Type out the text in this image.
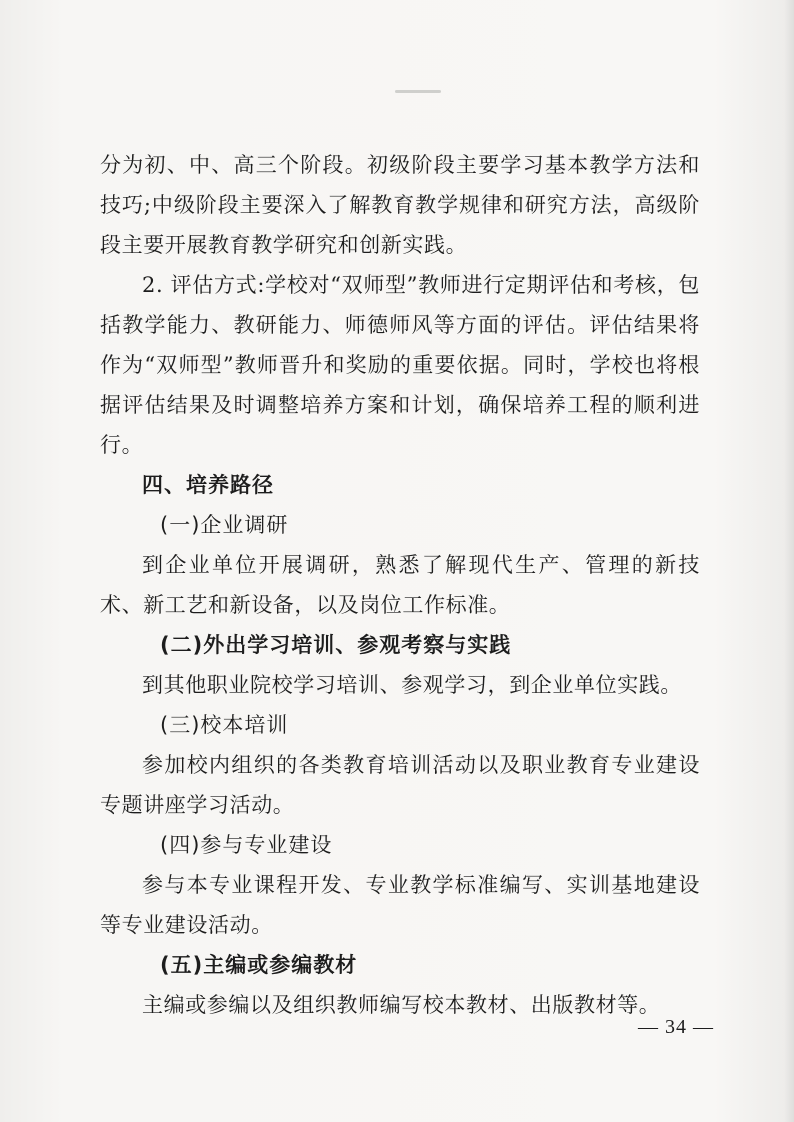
分为初、中、高三个阶段。初级阶段主要学习基本教学方法和技巧;中级阶段主要深入了解教育教学规律和研究方法，高级阶段主要开展教育教学研究和创新实践。

2. 评估方式:学校对“双师型”教师进行定期评估和考核，包括教学能力、教研能力、师德师风等方面的评估。评估结果将作为“双师型”教师晋升和奖励的重要依据。同时，学校也将根据评估结果及时调整培养方案和计划，确保培养工程的顺利进行。

四、培养路径

(一)企业调研

到企业单位开展调研，熟悉了解现代生产、管理的新技术、新工艺和新设备，以及岗位工作标准。

(二)外出学习培训、参观考察与实践

到其他职业院校学习培训、参观学习，到企业单位实践。

(三)校本培训

参加校内组织的各类教育培训活动以及职业教育专业建设专题讲座学习活动。

(四)参与专业建设

参与本专业课程开发、专业教学标准编写、实训基地建设等专业建设活动。

(五)主编或参编教材

主编或参编以及组织教师编写校本教材、出版教材等。

— 34 —
